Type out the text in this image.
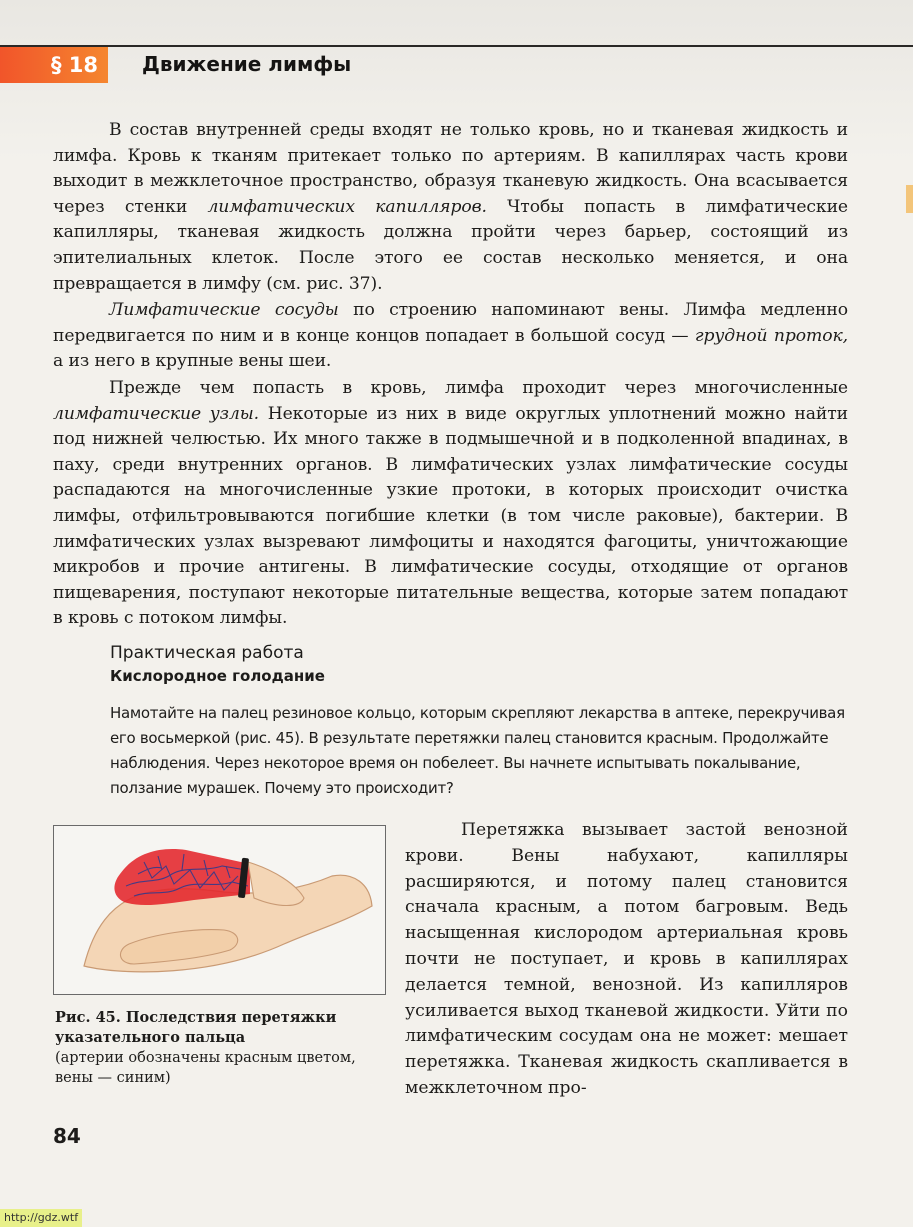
§ 18	Движение лимфы

В состав внутренней среды входят не только кровь, но и тканевая жидкость и лимфа. Кровь к тканям притекает только по артериям. В капиллярах часть крови выходит в межклеточное пространство, образуя тканевую жидкость. Она всасывается через стенки лимфатических капилляров. Чтобы попасть в лимфатические капилляры, тканевая жидкость должна пройти через барьер, состоящий из эпителиальных клеток. После этого ее состав несколько меняется, и она превращается в лимфу (см. рис. 37).

Лимфатические сосуды по строению напоминают вены. Лимфа медленно передвигается по ним и в конце концов попадает в большой сосуд — грудной проток, а из него в крупные вены шеи.

Прежде чем попасть в кровь, лимфа проходит через многочисленные лимфатические узлы. Некоторые из них в виде округлых уплотнений можно найти под нижней челюстью. Их много также в подмышечной и в подколенной впадинах, в паху, среди внутренних органов. В лимфатических узлах лимфатические сосуды распадаются на многочисленные узкие протоки, в которых происходит очистка лимфы, отфильтровываются погибшие клетки (в том числе раковые), бактерии. В лимфатических узлах вызревают лимфоциты и находятся фагоциты, уничтожающие микробов и прочие антигены. В лимфатические сосуды, отходящие от органов пищеварения, поступают некоторые питательные вещества, которые затем попадают в кровь с потоком лимфы.

Практическая работа
Кислородное голодание
Намотайте на палец резиновое кольцо, которым скрепляют лекарства в аптеке, перекручивая его восьмеркой (рис. 45). В результате перетяжки палец становится красным. Продолжайте наблюдения. Через некоторое время он побелеет. Вы начнете испытывать покалывание, ползание мурашек. Почему это происходит?
Рис. 45. Последствия перетяжки указательного пальца
(артерии обозначены красным цветом, вены — синим)

Перетяжка вызывает застой венозной крови. Вены набухают, капилляры расширяются, и потому палец становится сначала красным, а потом багровым. Ведь насыщенная кислородом артериальная кровь почти не поступает, и кровь в капиллярах делается темной, венозной. Из капилляров усиливается выход тканевой жидкости. Уйти по лимфатическим сосудам она не может: мешает перетяжка. Тканевая жидкость скапливается в межклеточном про-

84
http://gdz.wtf
